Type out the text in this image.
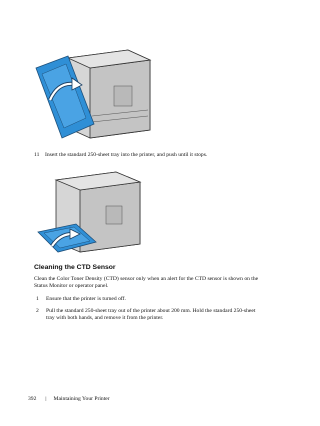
11 Insert the standard 250-sheet tray into the printer, and push until it stops.
Cleaning the CTD Sensor
Clean the Color Toner Density (CTD) sensor only when an alert for the CTD sensor is shown on the Status Monitor or operator panel.
1 Ensure that the printer is turned off.
2 Pull the standard 250-sheet tray out of the printer about 200 mm. Hold the standard 250-sheet tray with both hands, and remove it from the printer.
392 | Maintaining Your Printer
